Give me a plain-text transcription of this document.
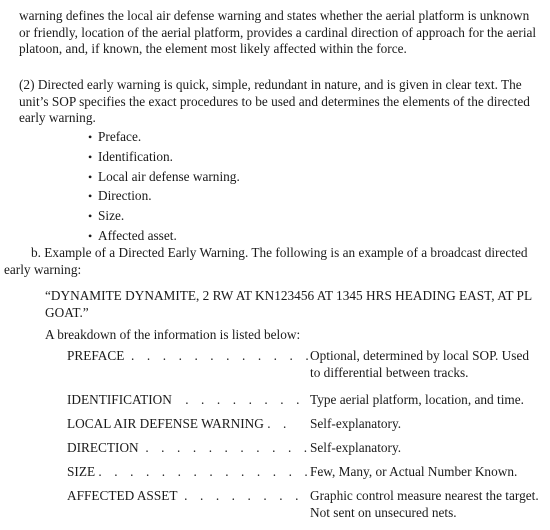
warning defines the local air defense warning and states whether the aerial platform is unknown or friendly, location of the aerial platform, provides a cardinal direction of approach for the aerial platoon, and, if known, the element most likely affected within the force.

(2) Directed early warning is quick, simple, redundant in nature, and is given in clear text. The unit’s SOP specifies the exact procedures to be used and determines the elements of the directed early warning.

• Preface.
• Identification.
• Local air defense warning.
• Direction.
• Size.
• Affected asset.

b. Example of a Directed Early Warning. The following is an example of a broadcast directed early warning:

“DYNAMITE DYNAMITE, 2 RW AT KN123456 AT 1345 HRS HEADING EAST, AT PL GOAT.”

A breakdown of the information is listed below:

PREFACE . . . . . . . . . . . .
Optional, determined by local SOP. Used to differential between tracks.
IDENTIFICATION . . . . . . . . Type aerial platform, location, and time.
LOCAL AIR DEFENSE WARNING . . Self-explanatory.
DIRECTION . . . . . . . . . . .
Self-explanatory.
SIZE . . . . . . . . . . . . . . .
Few, Many, or Actual Number Known.
AFFECTED ASSET . . . . . . . . Graphic control measure nearest the target. Not sent on unsecured nets.
